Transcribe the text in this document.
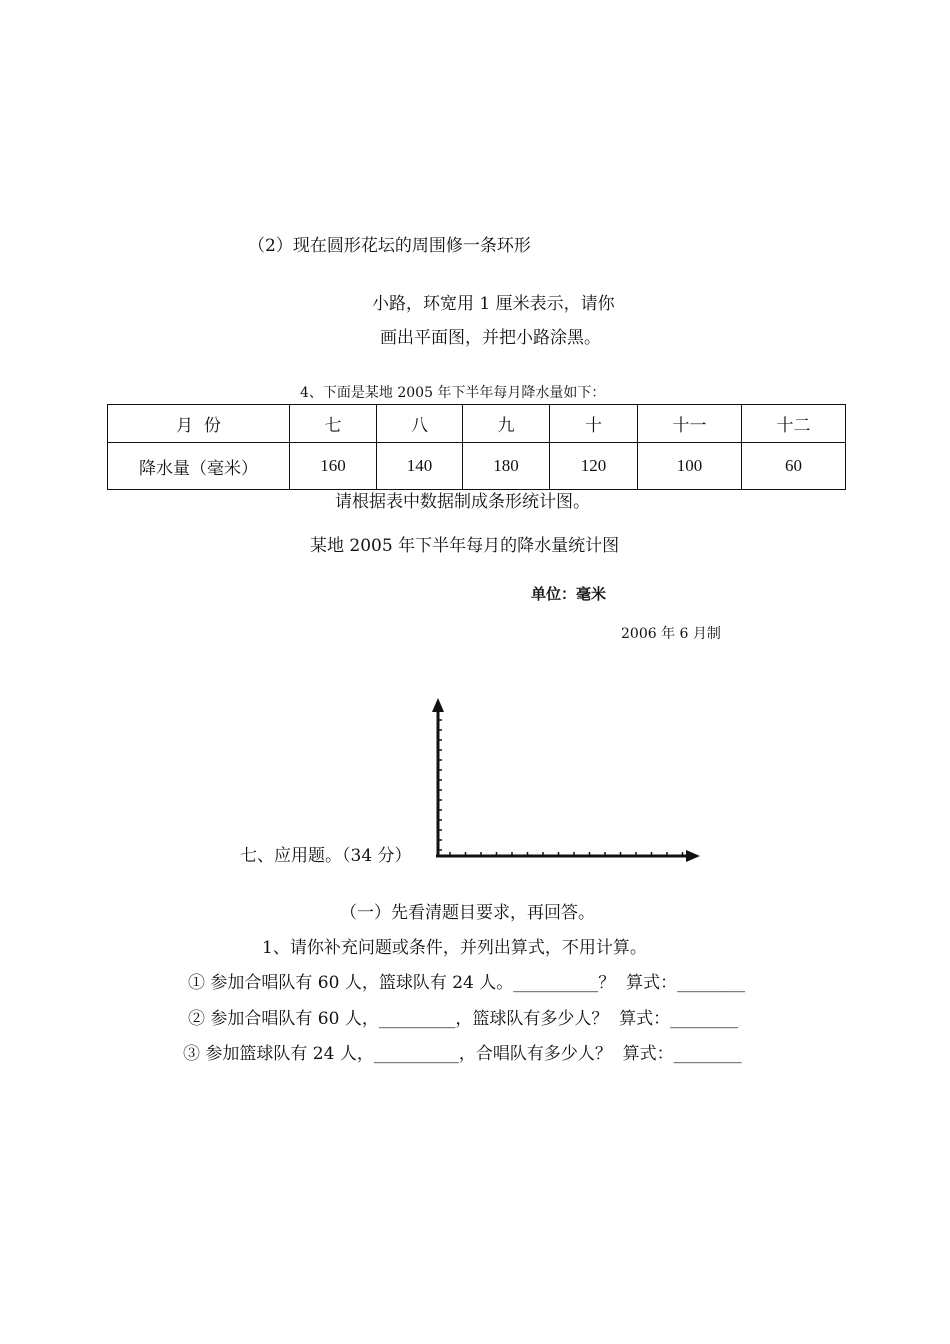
（2）现在圆形花坛的周围修一条环形
小路，环宽用 1 厘米表示，请你
画出平面图，并把小路涂黑。
4、下面是某地 2005 年下半年每月降水量如下：
月  份	七	八	九	十	十一	十二
降水量（毫米）	160	140	180	120	100	60
请根据表中数据制成条形统计图。
某地 2005 年下半年每月的降水量统计图
单位：毫米
2006 年 6 月制
七、应用题。（34 分）
（一）先看清题目要求，再回答。
1、请你补充问题或条件，并列出算式，不用计算。
① 参加合唱队有 60 人，篮球队有 24 人。__________？  算式：________
② 参加合唱队有 60 人，_________，篮球队有多少人？  算式：________
③ 参加篮球队有 24 人，__________，合唱队有多少人？  算式：________
